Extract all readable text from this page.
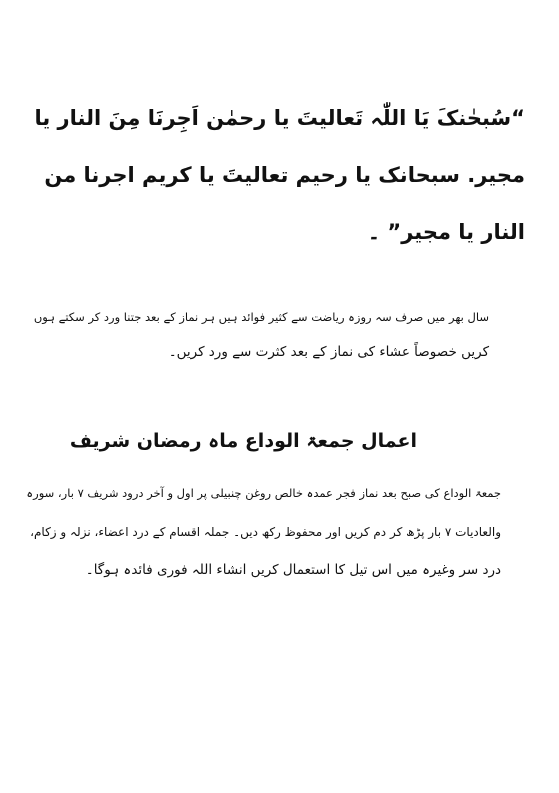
“سُبحٰنکَ یَا اللّٰہ تَعالیتَ یا رحمٰن اَجِرنَا مِنَ النار یا
مجیر. سبحانک یا رحیم تعالیتَ یا کریم اجرنا من
النار یا مجیر” ۔
سال بھر میں صرف سہ روزہ ریاضت سے کثیر فوائد ہیں ہر نماز کے بعد جتنا ورد کر سکتے ہوں
کریں خصوصاً عشاء کی نماز کے بعد کثرت سے ورد کریں۔
اعمال جمعۃ الوداع ماہ رمضان شریف
جمعۃ الوداع کی صبح بعد نماز فجر عمدہ خالص روغن چنبیلی پر اول و آخر درود شریف ۷ بار، سورہ
والعادیات ۷ بار پڑھ کر دم کریں اور محفوظ رکھ دیں۔ جملہ اقسام کے درد اعضاء، نزلہ و زکام،
درد سر وغیرہ میں اس تیل کا استعمال کریں انشاء اللہ فوری فائدہ ہوگا۔
